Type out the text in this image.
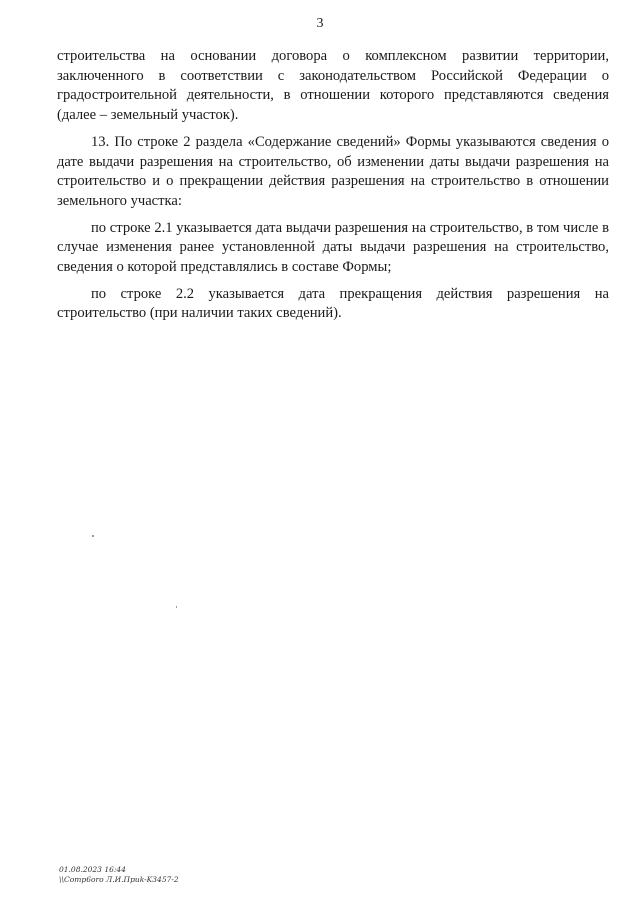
3

строительства на основании договора о комплексном развитии территории, заключенного в соответствии с законодательством Российской Федерации о градостроительной деятельности, в отношении которого представляются сведения (далее – земельный участок).

13. По строке 2 раздела «Содержание сведений» Формы указываются сведения о дате выдачи разрешения на строительство, об изменении даты выдачи разрешения на строительство и о прекращении действия разрешения на строительство в отношении земельного участка:

по строке 2.1 указывается дата выдачи разрешения на строительство, в том числе в случае изменения ранее установленной даты выдачи разрешения на строительство, сведения о которой представлялись в составе Формы;

по строке 2.2 указывается дата прекращения действия разрешения на строительство (при наличии таких сведений).

01.08.2023 16:44
\\Comp6oro Л.И.Приk-K3457-2
